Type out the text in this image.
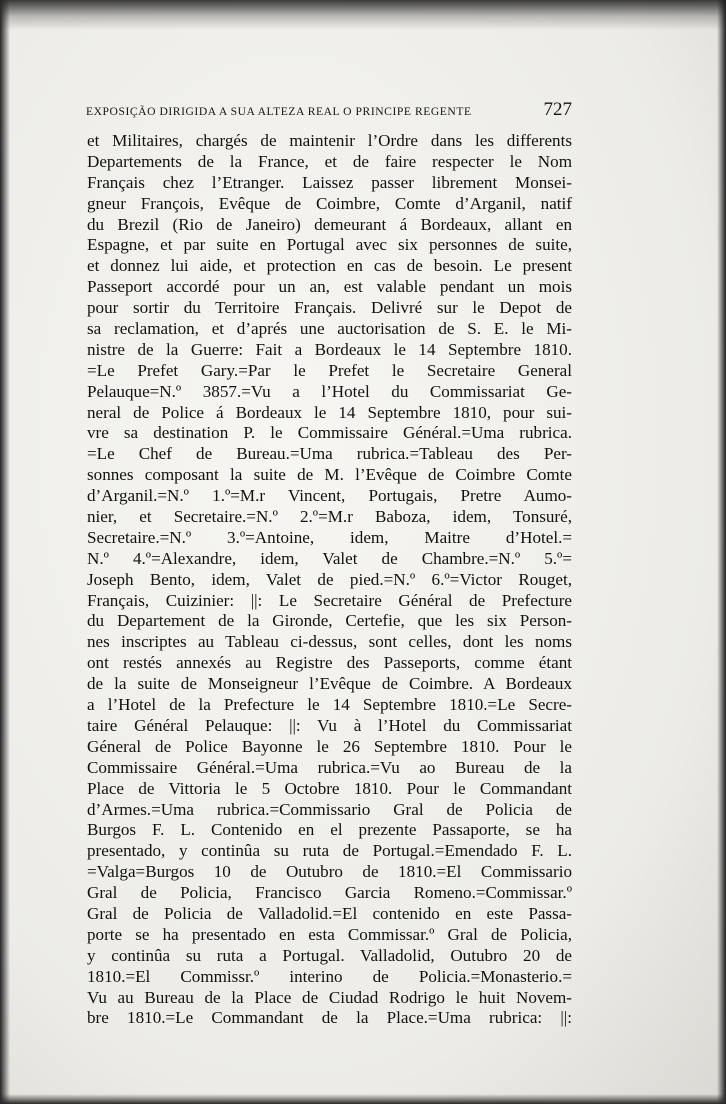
EXPOSIÇÃO DIRIGIDA A SUA ALTEZA REAL O PRINCIPE REGENTE	727
et Militaires, chargés de maintenir l’Ordre dans les differents
Departements de la France, et de faire respecter le Nom
Français chez l’Etranger. Laissez passer librement Monsei-
gneur François, Evêque de Coimbre, Comte d’Arganil, natif
du Brezil (Rio de Janeiro) demeurant á Bordeaux, allant en
Espagne, et par suite en Portugal avec six personnes de suite,
et donnez lui aide, et protection en cas de besoin. Le present
Passeport accordé pour un an, est valable pendant un mois
pour sortir du Territoire Français. Delivré sur le Depot de
sa reclamation, et d’aprés une auctorisation de S. E. le Mi-
nistre de la Guerre: Fait a Bordeaux le 14 Septembre 1810.
=Le Prefet Gary.=Par le Prefet le Secretaire General
Pelauque=N.º 3857.=Vu a l’Hotel du Commissariat Ge-
neral de Police á Bordeaux le 14 Septembre 1810, pour sui-
vre sa destination P. le Commissaire Général.=Uma rubrica.
=Le Chef de Bureau.=Uma rubrica.=Tableau des Per-
sonnes composant la suite de M. l’Evêque de Coimbre Comte
d’Arganil.=N.º 1.º=M.r Vincent, Portugais, Pretre Aumo-
nier, et Secretaire.=N.º 2.º=M.r Baboza, idem, Tonsuré,
Secretaire.=N.º 3.º=Antoine, idem, Maitre d’Hotel.=
N.º 4.º=Alexandre, idem, Valet de Chambre.=N.º 5.º=
Joseph Bento, idem, Valet de pied.=N.º 6.º=Victor Rouget,
Français, Cuizinier: ||: Le Secretaire Général de Prefecture
du Departement de la Gironde, Certefie, que les six Person-
nes inscriptes au Tableau ci-dessus, sont celles, dont les noms
ont restés annexés au Registre des Passeports, comme étant
de la suite de Monseigneur l’Evêque de Coimbre. A Bordeaux
a l’Hotel de la Prefecture le 14 Septembre 1810.=Le Secre-
taire Général Pelauque: ||: Vu à l’Hotel du Commissariat
Géneral de Police Bayonne le 26 Septembre 1810. Pour le
Commissaire Général.=Uma rubrica.=Vu ao Bureau de la
Place de Vittoria le 5 Octobre 1810. Pour le Commandant
d’Armes.=Uma rubrica.=Commissario Gral de Policia de
Burgos F. L. Contenido en el prezente Passaporte, se ha
presentado, y continûa su ruta de Portugal.=Emendado F. L.
=Valga=Burgos 10 de Outubro de 1810.=El Commissario
Gral de Policia, Francisco Garcia Romeno.=Commissar.º
Gral de Policia de Valladolid.=El contenido en este Passa-
porte se ha presentado en esta Commissar.º Gral de Policia,
y continûa su ruta a Portugal. Valladolid, Outubro 20 de
1810.=El Commissr.º interino de Policia.=Monasterio.=
Vu au Bureau de la Place de Ciudad Rodrigo le huit Novem-
bre 1810.=Le Commandant de la Place.=Uma rubrica: ||:
